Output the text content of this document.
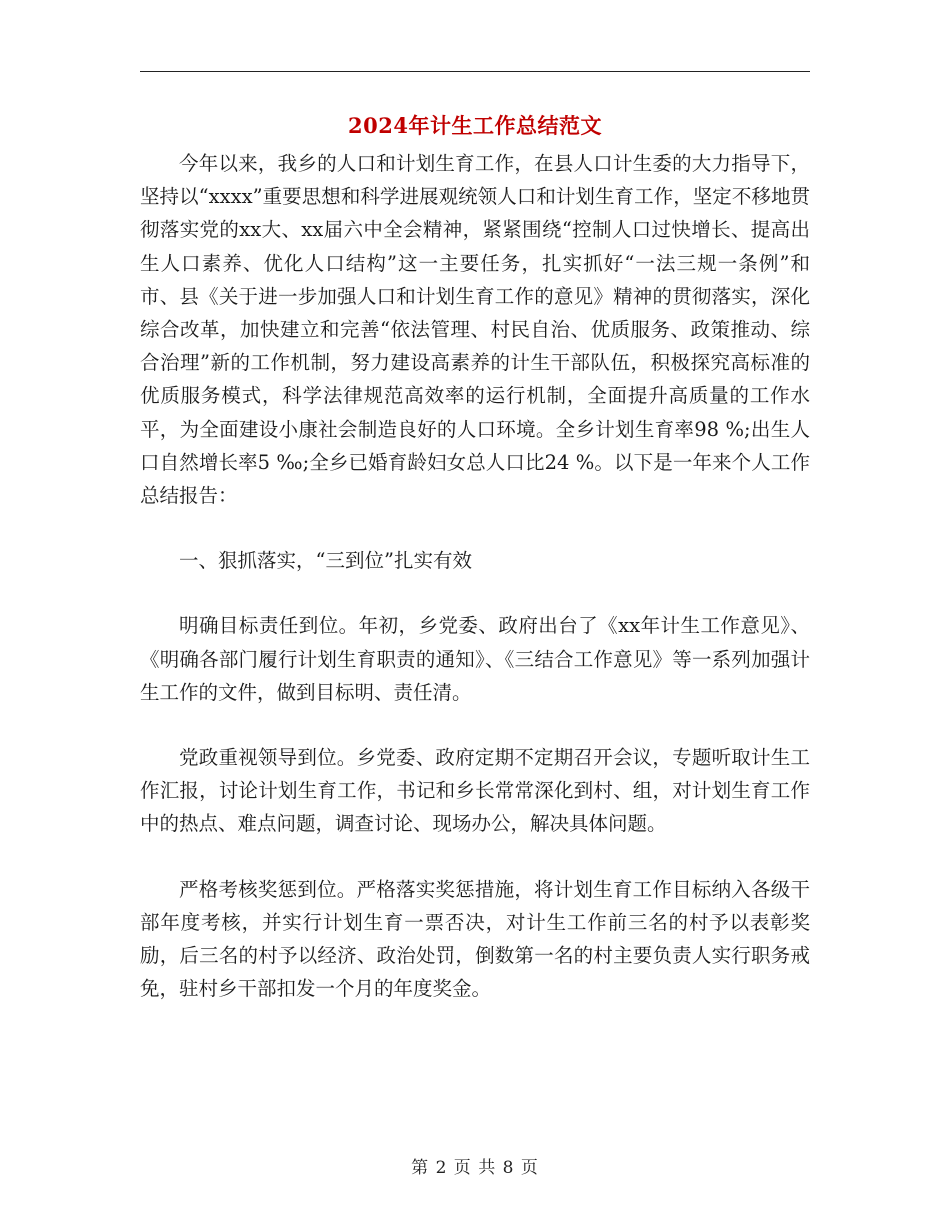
2024年计生工作总结范文

今年以来，我乡的人口和计划生育工作，在县人口计生委的大力指导下，坚持以“xxxx”重要思想和科学进展观统领人口和计划生育工作，坚定不移地贯彻落实党的xx大、xx届六中全会精神，紧紧围绕“控制人口过快增长、提高出生人口素养、优化人口结构”这一主要任务，扎实抓好“一法三规一条例”和市、县《关于进一步加强人口和计划生育工作的意见》精神的贯彻落实，深化综合改革，加快建立和完善“依法管理、村民自治、优质服务、政策推动、综合治理”新的工作机制，努力建设高素养的计生干部队伍，积极探究高标准的优质服务模式，科学法律规范高效率的运行机制，全面提升高质量的工作水平，为全面建设小康社会制造良好的人口环境。全乡计划生育率98 %;出生人口自然增长率5 ‰;全乡已婚育龄妇女总人口比24 %。以下是一年来个人工作总结报告：

一、狠抓落实，“三到位”扎实有效

明确目标责任到位。年初，乡党委、政府出台了《xx年计生工作意见》、《明确各部门履行计划生育职责的通知》、《三结合工作意见》等一系列加强计生工作的文件，做到目标明、责任清。

党政重视领导到位。乡党委、政府定期不定期召开会议，专题听取计生工作汇报，讨论计划生育工作，书记和乡长常常深化到村、组，对计划生育工作中的热点、难点问题，调查讨论、现场办公，解决具体问题。

严格考核奖惩到位。严格落实奖惩措施，将计划生育工作目标纳入各级干部年度考核，并实行计划生育一票否决，对计生工作前三名的村予以表彰奖励，后三名的村予以经济、政治处罚，倒数第一名的村主要负责人实行职务戒免，驻村乡干部扣发一个月的年度奖金。

第 2 页 共 8 页
